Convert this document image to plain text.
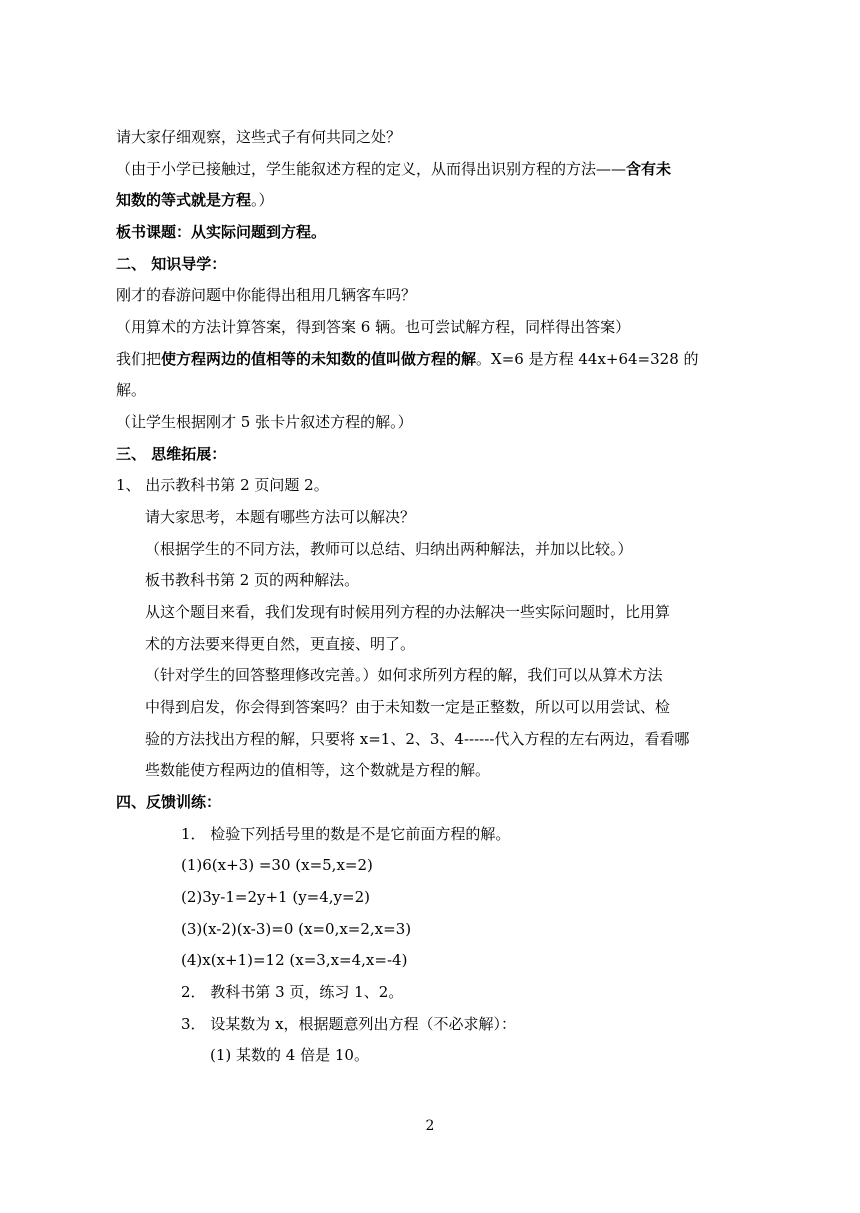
请大家仔细观察，这些式子有何共同之处？
（由于小学已接触过，学生能叙述方程的定义，从而得出识别方程的方法——含有未
知数的等式就是方程。）
板书课题：从实际问题到方程。
二、 知识导学：
刚才的春游问题中你能得出租用几辆客车吗？
（用算术的方法计算答案，得到答案 6 辆。也可尝试解方程，同样得出答案）
我们把使方程两边的值相等的未知数的值叫做方程的解。X=6 是方程 44x+64=328 的
解。
（让学生根据刚才 5 张卡片叙述方程的解。）
三、 思维拓展：
1、 出示教科书第 2 页问题 2。
请大家思考，本题有哪些方法可以解决？
（根据学生的不同方法，教师可以总结、归纳出两种解法，并加以比较。）
板书教科书第 2 页的两种解法。
从这个题目来看，我们发现有时候用列方程的办法解决一些实际问题时，比用算
术的方法要来得更自然，更直接、明了。
（针对学生的回答整理修改完善。）如何求所列方程的解，我们可以从算术方法
中得到启发，你会得到答案吗？由于未知数一定是正整数，所以可以用尝试、检
验的方法找出方程的解，只要将 x=1、2、3、4------代入方程的左右两边，看看哪
些数能使方程两边的值相等，这个数就是方程的解。
四、反馈训练：
1． 检验下列括号里的数是不是它前面方程的解。
(1)6(x+3) =30 (x=5,x=2)
(2)3y-1=2y+1 (y=4,y=2)
(3)(x-2)(x-3)=0 (x=0,x=2,x=3)
(4)x(x+1)=12 (x=3,x=4,x=-4)
2． 教科书第 3 页，练习 1、2。
3． 设某数为 x，根据题意列出方程（不必求解）：
(1) 某数的 4 倍是 10。
2
